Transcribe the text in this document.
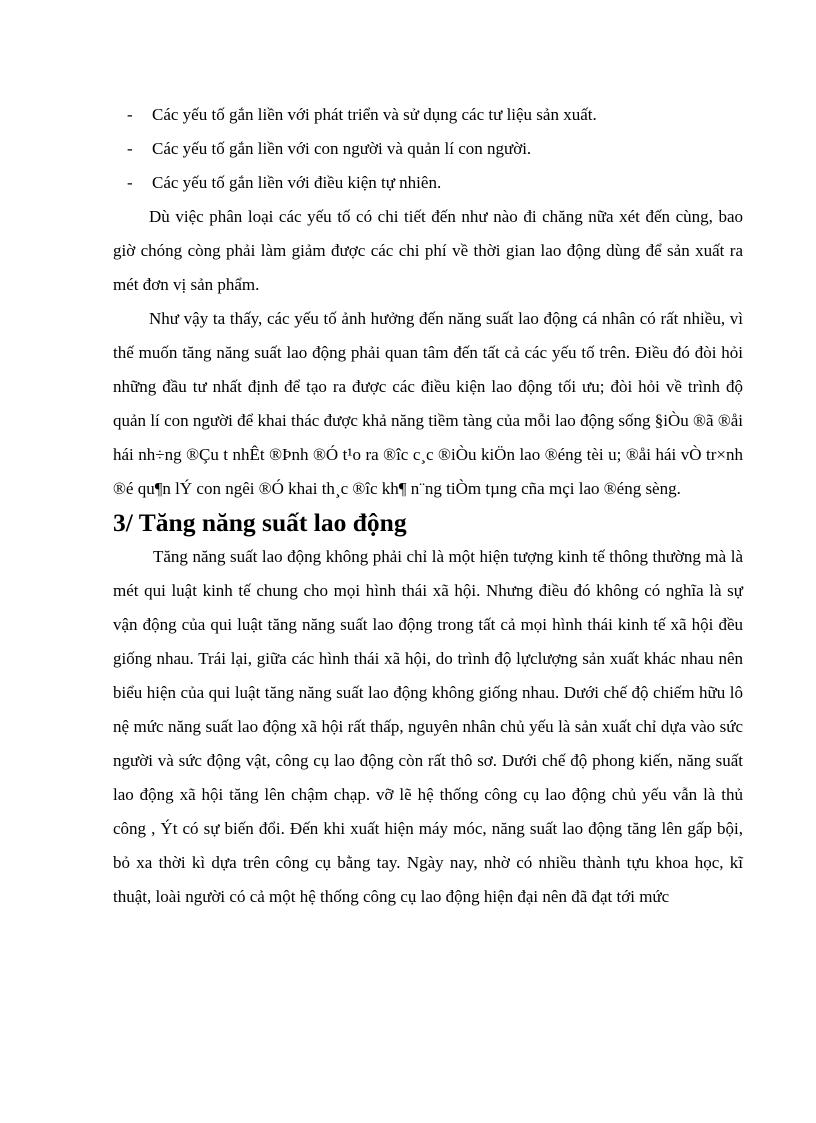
-	Các yếu tố gắn liền với phát triển và sử dụng các tư liệu sản xuất.
-	Các yếu tố gắn liền với con người và quản lí con người.
-	Các yếu tố gắn liền với điều kiện tự nhiên.

Dù việc phân loại các yếu tố có chi tiết đến như nào đi chăng nữa xét đến cùng, bao giờ chóng còng phải làm giảm được các chi phí về thời gian lao động dùng để sản xuất ra mét đơn vị sản phẩm.

Như vậy ta thấy, các yếu tố ảnh hưởng đến năng suất lao động cá nhân có rất nhiều, vì thế muốn tăng năng suất lao động phải quan tâm đến tất cả các yếu tố trên. Điều đó đòi hỏi những đầu tư nhất định để tạo ra được các điều kiện lao động tối ưu; đòi hỏi về trình độ quản lí con người để khai thác được khả năng tiềm tàng của mỗi lao động sống §iÒu ®ã ®åi hái nh÷ng ®Çu t nhÊt ®Þnh ®Ó t¹o ra ®îc c¸c ®iÒu kiÖn lao ®éng tèi u; ®åi hái vÒ tr×nh ®é qu¶n lÝ con ngêi ®Ó khai th¸c ®îc kh¶ n¨ng tiÒm tµng cña mçi lao ®éng sèng.

3/ Tăng năng suất lao động

Tăng năng suất lao động không phải chỉ là một hiện tượng kinh tế thông thường mà là mét qui luật kinh tế chung cho mọi hình thái xã hội. Nhưng điều đó không có nghĩa là sự vận động của qui luật tăng năng suất lao động trong tất cả mọi hình thái kinh tế xã hội đều giống nhau. Trái lại, giữa các hình thái xã hội, do trình độ lựclượng sản xuất khác nhau nên biểu hiện của qui luật tăng năng suất lao động không giống nhau. Dưới chế độ chiếm hữu lô nệ mức năng suất lao động xã hội rất thấp, nguyên nhân chủ yếu là sản xuất chỉ dựa vào sức người và sức động vật, công cụ lao động còn rất thô sơ. Dưới chế độ phong kiến, năng suất lao động xã hội tăng lên chậm chạp. vỡ lẽ hệ thống công cụ lao động chủ yếu vẫn là thủ công , Ýt có sự biến đổi. Đến khi xuất hiện máy móc, năng suất lao động tăng lên gấp bội, bỏ xa thời kì dựa trên công cụ bằng tay. Ngày nay, nhờ có nhiều thành tựu khoa học, kĩ thuật, loài người có cả một hệ thống công cụ lao động hiện đại nên đã đạt tới mức
